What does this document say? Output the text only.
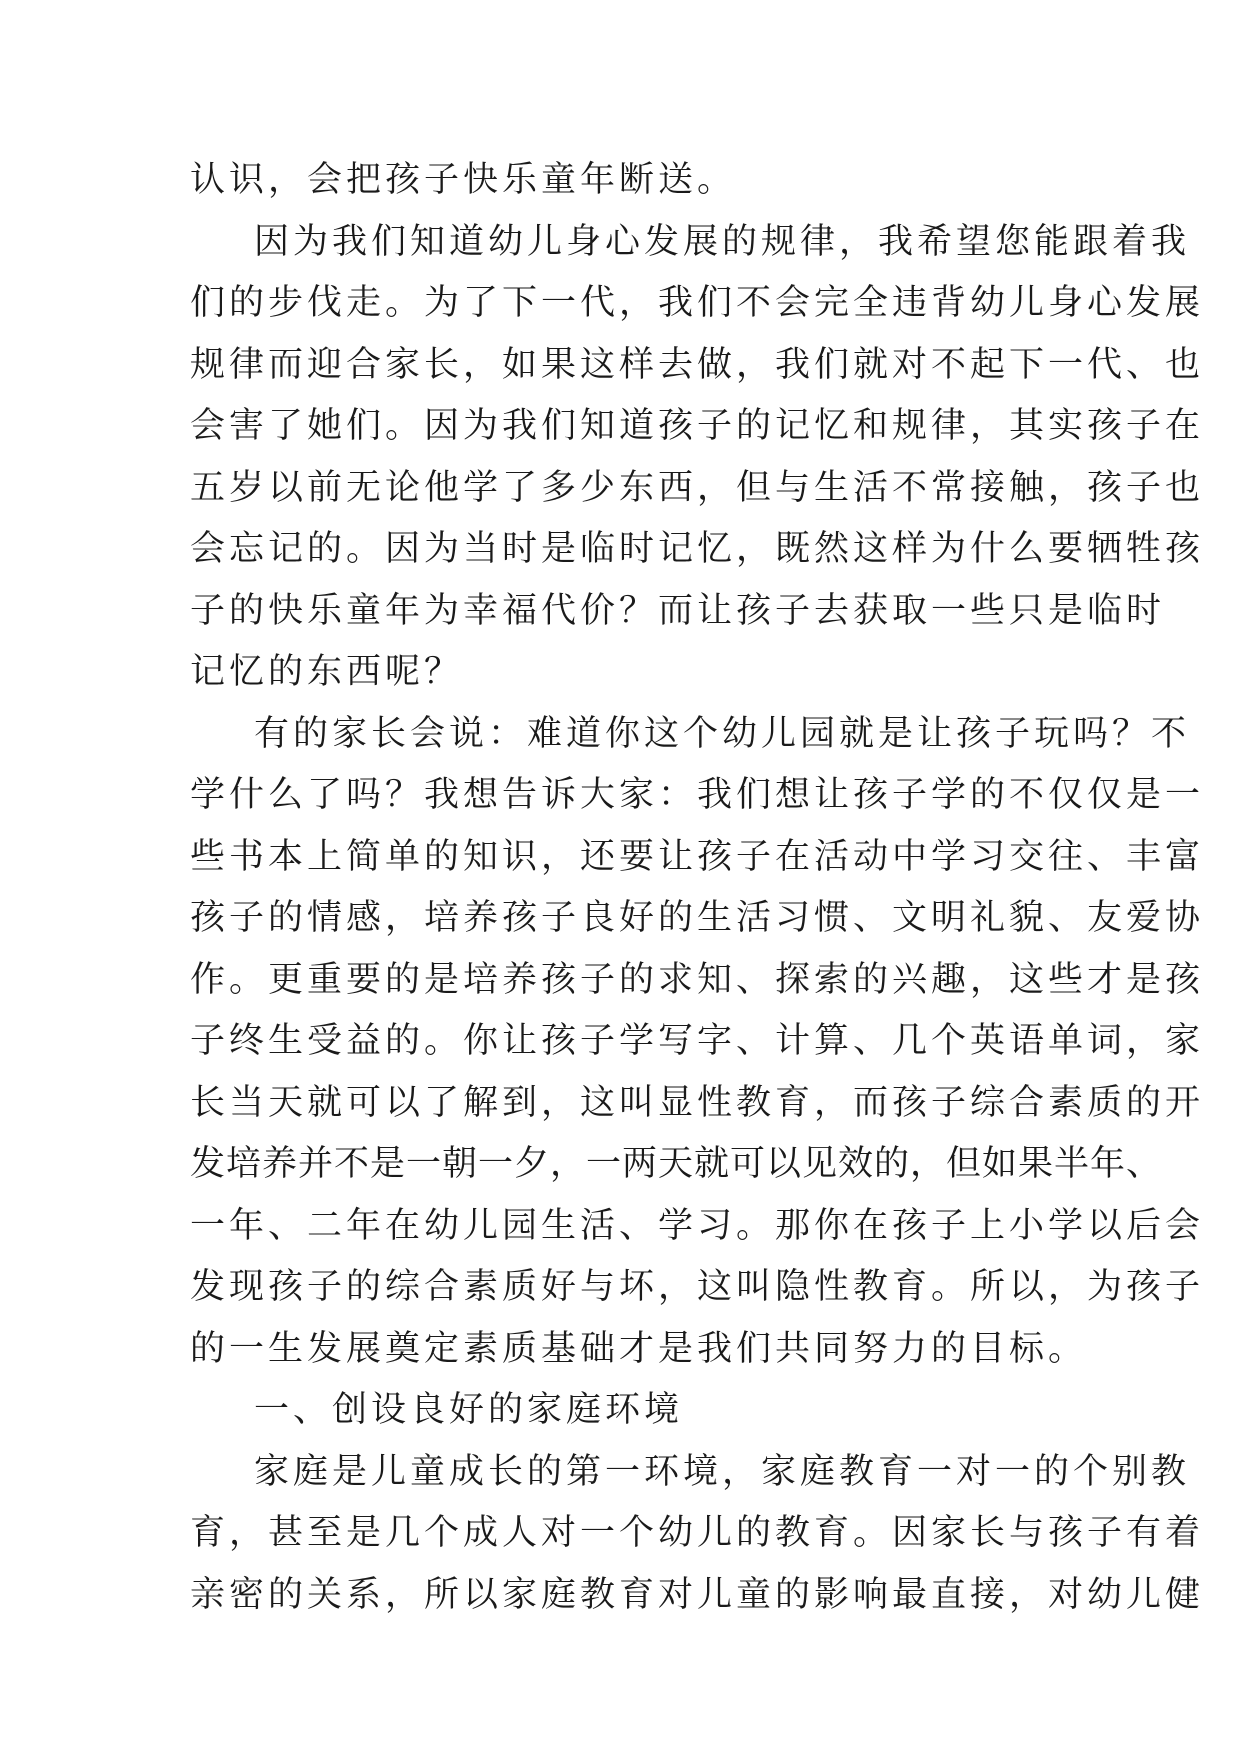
认识，会把孩子快乐童年断送。
因为我们知道幼儿身心发展的规律，我希望您能跟着我
们的步伐走。为了下一代，我们不会完全违背幼儿身心发展
规律而迎合家长，如果这样去做，我们就对不起下一代、也
会害了她们。因为我们知道孩子的记忆和规律，其实孩子在
五岁以前无论他学了多少东西，但与生活不常接触，孩子也
会忘记的。因为当时是临时记忆，既然这样为什么要牺牲孩
子的快乐童年为幸福代价？而让孩子去获取一些只是临时
记忆的东西呢？
有的家长会说：难道你这个幼儿园就是让孩子玩吗？不
学什么了吗？我想告诉大家：我们想让孩子学的不仅仅是一
些书本上简单的知识，还要让孩子在活动中学习交往、丰富
孩子的情感，培养孩子良好的生活习惯、文明礼貌、友爱协
作。更重要的是培养孩子的求知、探索的兴趣，这些才是孩
子终生受益的。你让孩子学写字、计算、几个英语单词，家
长当天就可以了解到，这叫显性教育，而孩子综合素质的开
发培养并不是一朝一夕，一两天就可以见效的，但如果半年、
一年、二年在幼儿园生活、学习。那你在孩子上小学以后会
发现孩子的综合素质好与坏，这叫隐性教育。所以，为孩子
的一生发展奠定素质基础才是我们共同努力的目标。
一、创设良好的家庭环境
家庭是儿童成长的第一环境，家庭教育一对一的个别教
育，甚至是几个成人对一个幼儿的教育。因家长与孩子有着
亲密的关系，所以家庭教育对儿童的影响最直接，对幼儿健
